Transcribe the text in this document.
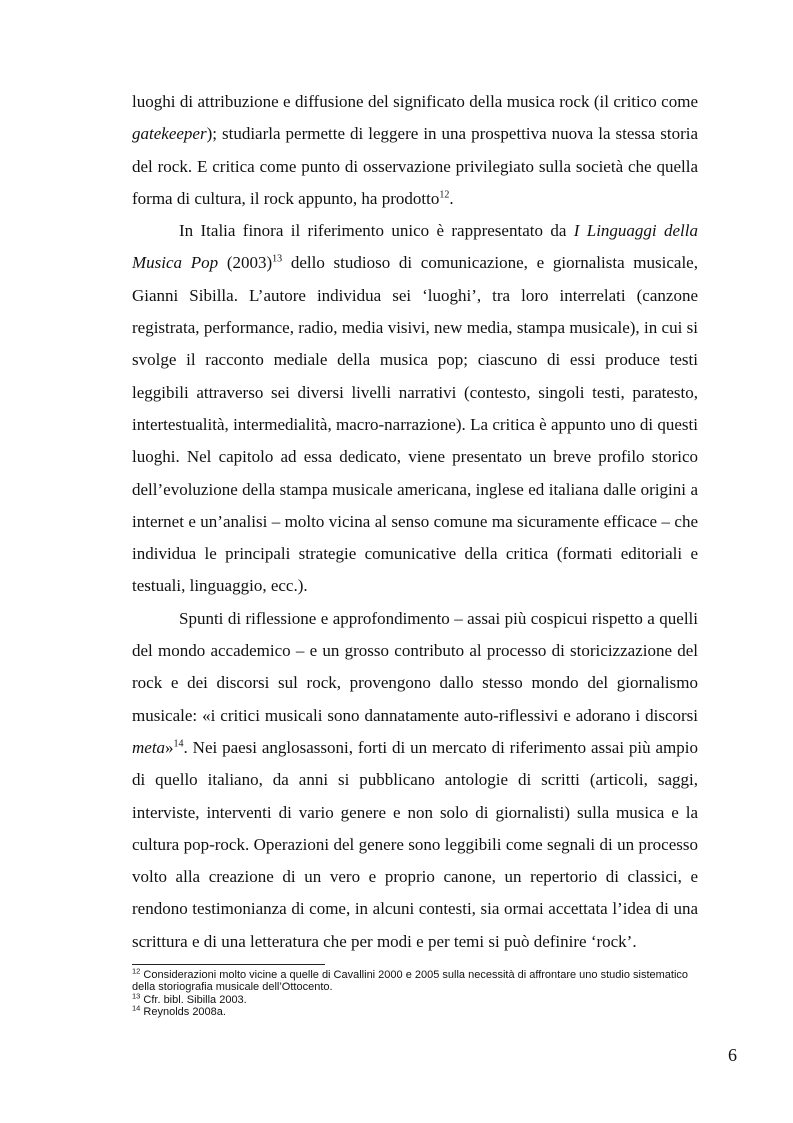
luoghi di attribuzione e diffusione del significato della musica rock (il critico come gatekeeper); studiarla permette di leggere in una prospettiva nuova la stessa storia del rock. E critica come punto di osservazione privilegiato sulla società che quella forma di cultura, il rock appunto, ha prodotto$^{12}$.

In Italia finora il riferimento unico è rappresentato da I Linguaggi della Musica Pop $(2003)^{13}$ dello studioso di comunicazione, e giornalista musicale, Gianni Sibilla. L’autore individua sei ‘luoghi’, tra loro interrelati (canzone registrata, performance, radio, media visivi, new media, stampa musicale), in cui si svolge il racconto mediale della musica pop; ciascuno di essi produce testi leggibili attraverso sei diversi livelli narrativi (contesto, singoli testi, paratesto, intertestualità, intermedialità, macro-narrazione). La critica è appunto uno di questi luoghi. Nel capitolo ad essa dedicato, viene presentato un breve profilo storico dell’evoluzione della stampa musicale americana, inglese ed italiana dalle origini a internet e un’analisi – molto vicina al senso comune ma sicuramente efficace – che individua le principali strategie comunicative della critica (formati editoriali e testuali, linguaggio, ecc.).

Spunti di riflessione e approfondimento – assai più cospicui rispetto a quelli del mondo accademico – e un grosso contributo al processo di storicizzazione del rock e dei discorsi sul rock, provengono dallo stesso mondo del giornalismo musicale: «i critici musicali sono dannatamente auto-riflessivi e adorano i discorsi meta»$^{14}$. Nei paesi anglosassoni, forti di un mercato di riferimento assai più ampio di quello italiano, da anni si pubblicano antologie di scritti (articoli, saggi, interviste, interventi di vario genere e non solo di giornalisti) sulla musica e la cultura pop-rock. Operazioni del genere sono leggibili come segnali di un processo volto alla creazione di un vero e proprio canone, un repertorio di classici, e rendono testimonianza di come, in alcuni contesti, sia ormai accettata l’idea di una scrittura e di una letteratura che per modi e per temi si può definire ‘rock’.

$^{12}$ Considerazioni molto vicine a quelle di Cavallini 2000 e 2005 sulla necessità di affrontare uno studio sistematico della storiografia musicale dell’Ottocento.

$^{13}$ Cfr. bibl. Sibilla 2003.

$^{14}$ Reynolds 2008a.

6
